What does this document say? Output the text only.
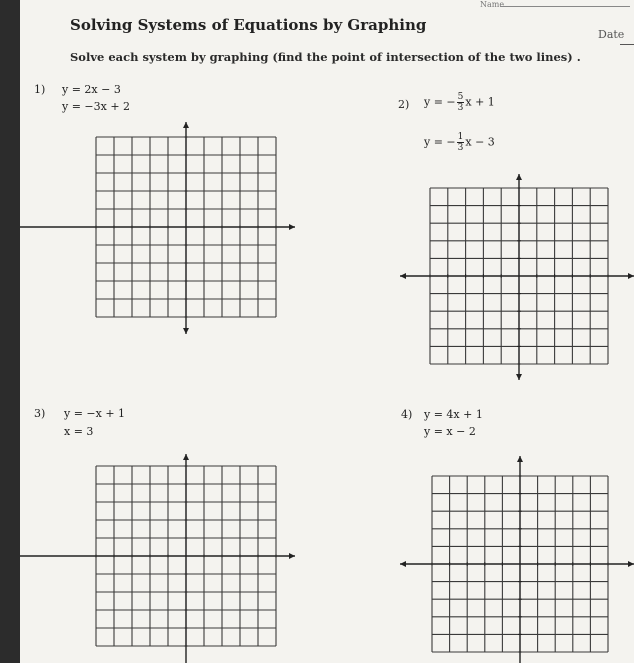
Solving Systems of Equations by Graphing
Name
Date
Solve each system by graphing (find the point of intersection of the two lines) .
1) y = 2x − 3
y = −3x + 2	2) y = − $\frac{5}{3}$ x + 1
y = − $\frac{1}{3}$ x − 3
3) y = −x + 1
x = 3
4) y = 4x + 1
y = x − 2
